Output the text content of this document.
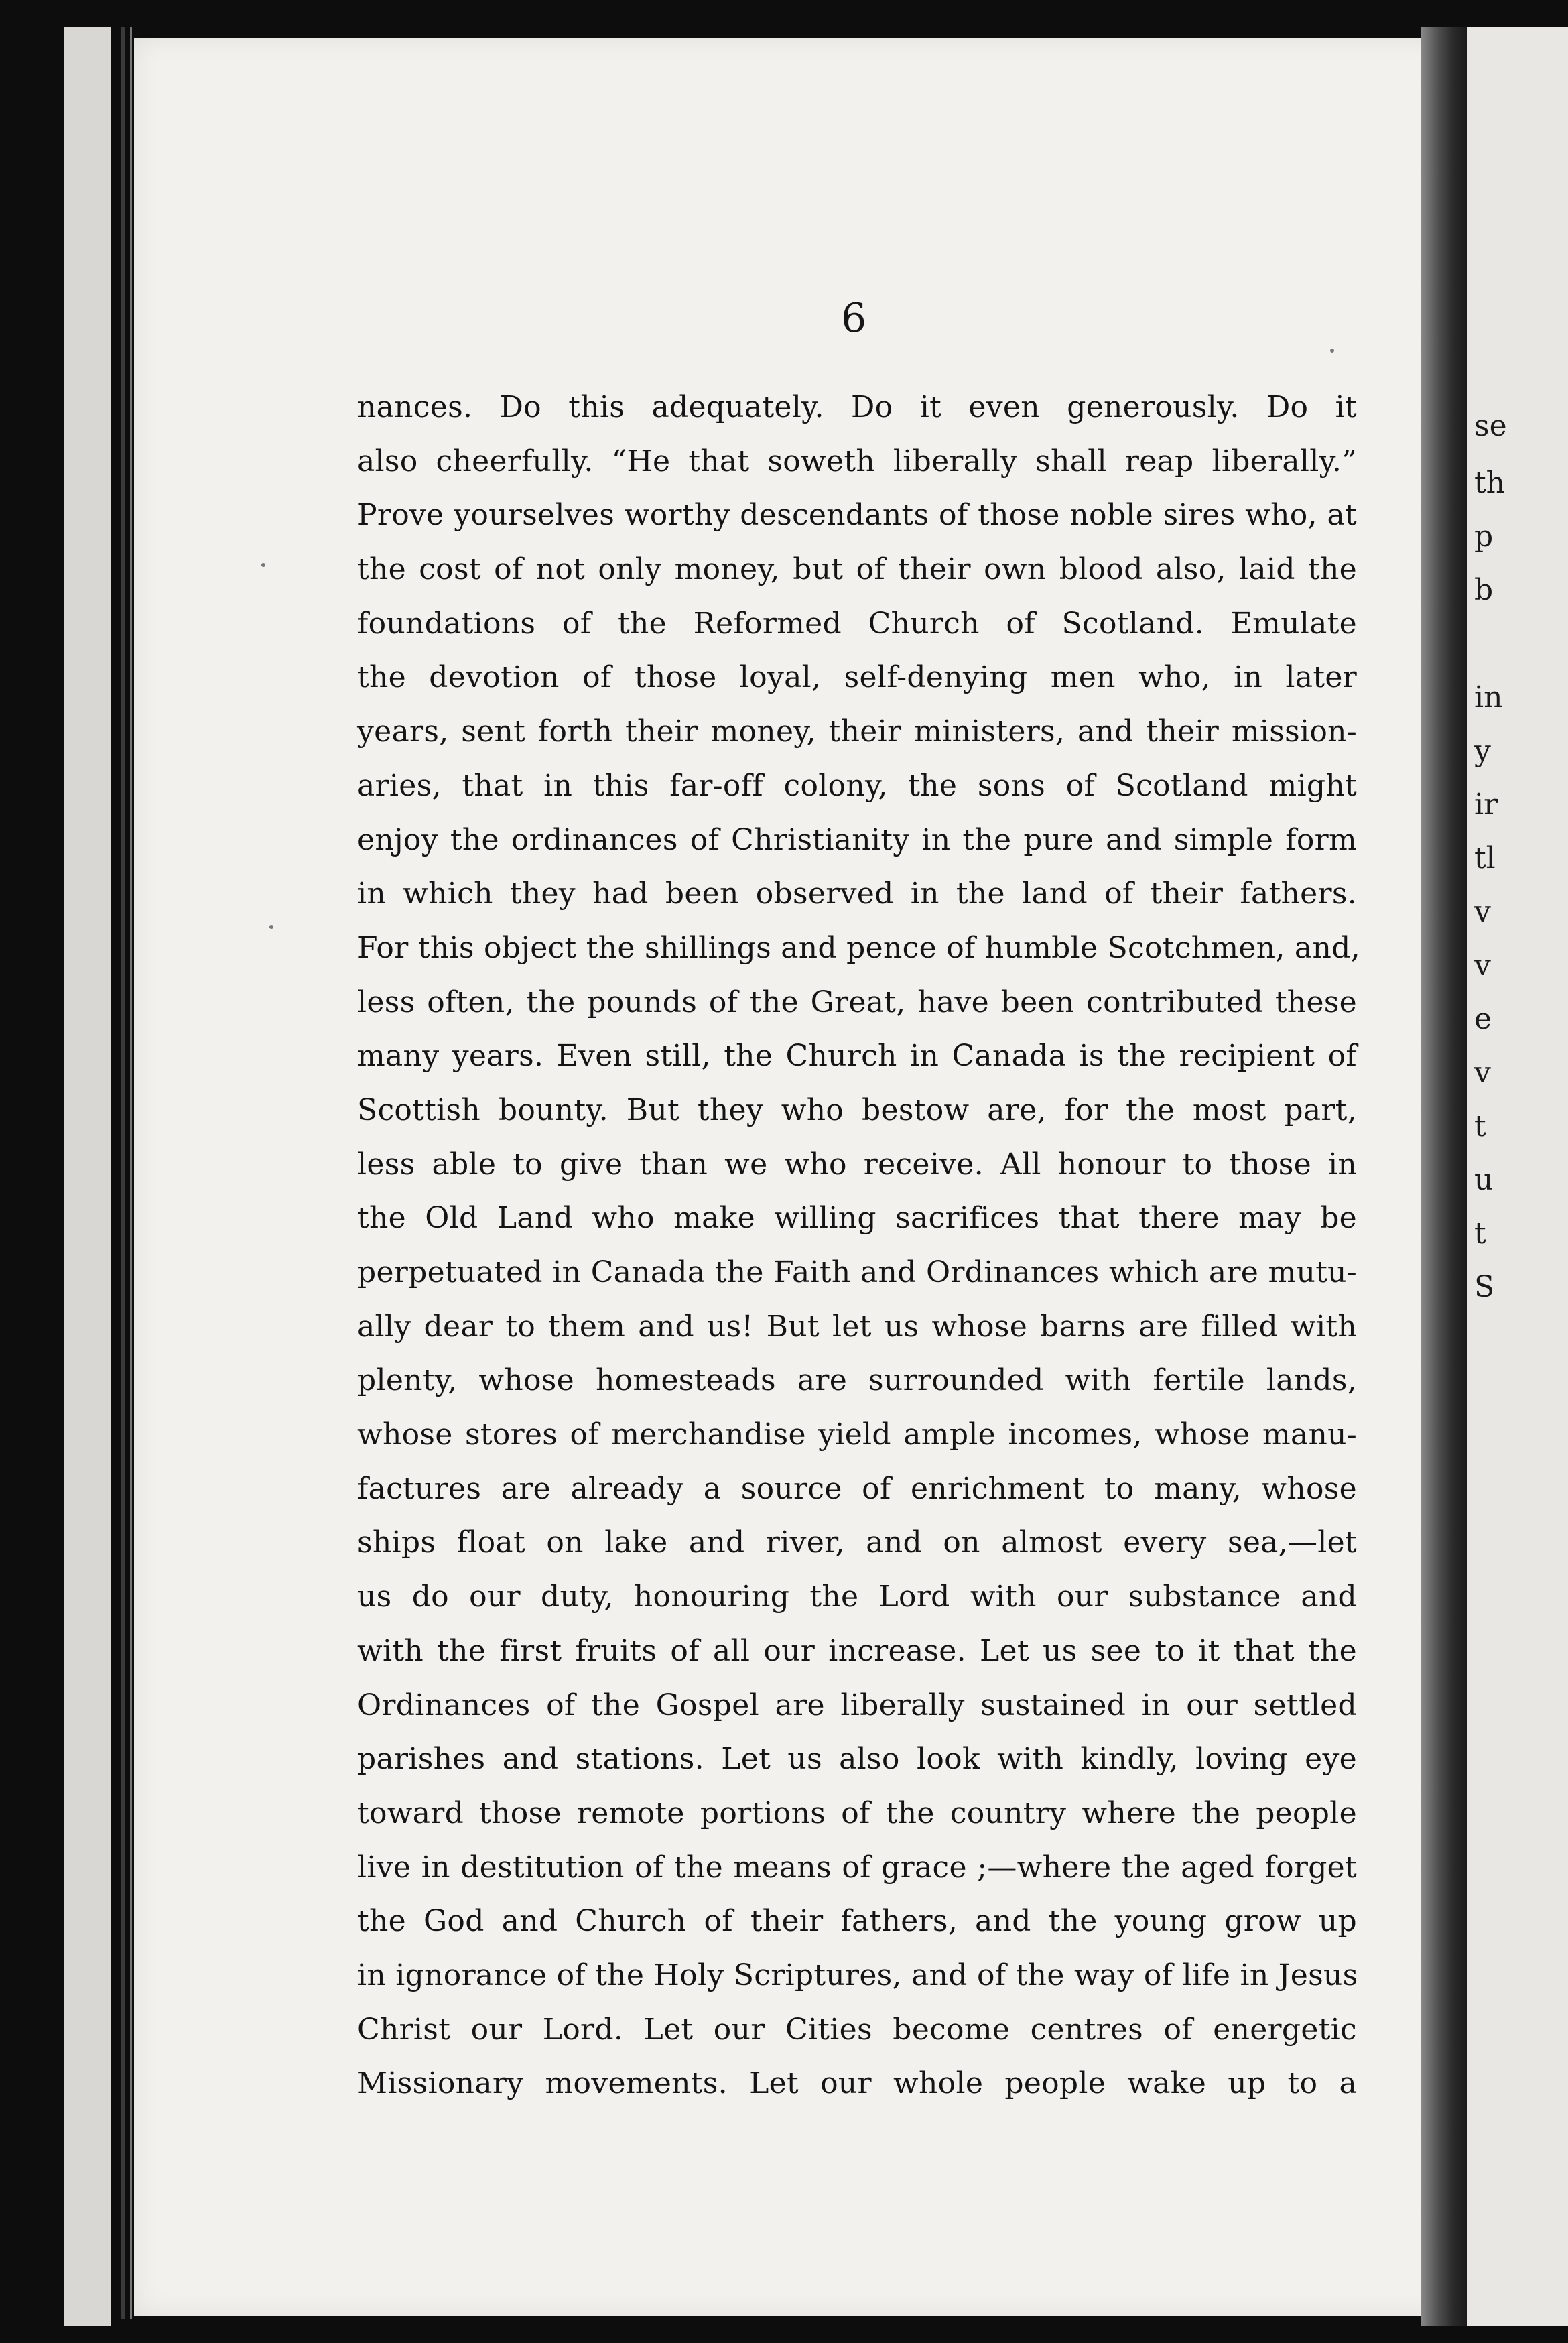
6
nances. Do this adequately. Do it even generously. Do it
also cheerfully. “He that soweth liberally shall reap liberally.”
Prove yourselves worthy descendants of those noble sires who, at
the cost of not only money, but of their own blood also, laid the
foundations of the Reformed Church of Scotland. Emulate
the devotion of those loyal, self-denying men who, in later
years, sent forth their money, their ministers, and their mission-
aries, that in this far-off colony, the sons of Scotland might
enjoy the ordinances of Christianity in the pure and simple form
in which they had been observed in the land of their fathers.
For this object the shillings and pence of humble Scotchmen, and,
less often, the pounds of the Great, have been contributed these
many years. Even still, the Church in Canada is the recipient of
Scottish bounty. But they who bestow are, for the most part,
less able to give than we who receive. All honour to those in
the Old Land who make willing sacrifices that there may be
perpetuated in Canada the Faith and Ordinances which are mutu-
ally dear to them and us! But let us whose barns are filled with
plenty, whose homesteads are surrounded with fertile lands,
whose stores of merchandise yield ample incomes, whose manu-
factures are already a source of enrichment to many, whose
ships float on lake and river, and on almost every sea,—let
us do our duty, honouring the Lord with our substance and
with the first fruits of all our increase. Let us see to it that the
Ordinances of the Gospel are liberally sustained in our settled
parishes and stations. Let us also look with kindly, loving eye
toward those remote portions of the country where the people
live in destitution of the means of grace ;—where the aged forget
the God and Church of their fathers, and the young grow up
in ignorance of the Holy Scriptures, and of the way of life in Jesus
Christ our Lord. Let our Cities become centres of energetic
Missionary movements. Let our whole people wake up to a
se
th
p
b
in
y
ir
tl
v
v
e
v
t
u
t
S
